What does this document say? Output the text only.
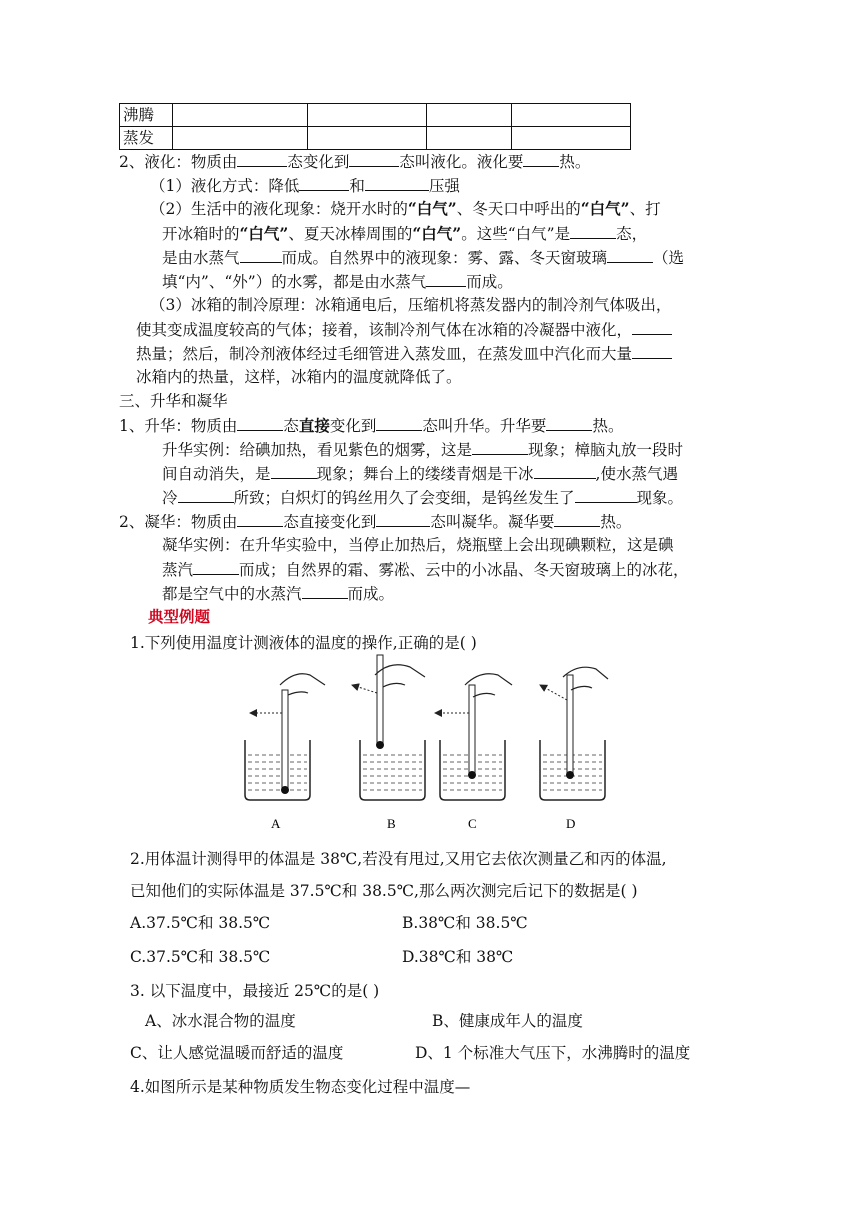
沸腾				
蒸发				
2、液化：物质由	态变化到	态叫液化。液化要 热。
（1）液化方式：降低	和	压强
（2）生活中的液化现象：烧开水时的“白气”、冬天口中呼出的“白气”、打
开冰箱时的“白气”、夏天冰棒周围的“白气”。这些“白气”是	态，
是由水蒸气	而成。自然界中的液现象：雾、露、冬天窗玻璃	（选
填“内”、“外”）的水雾，都是由水蒸气	而成。
（3）冰箱的制冷原理：冰箱通电后，压缩机将蒸发器内的制冷剂气体吸出，
使其变成温度较高的气体；接着，该制冷剂气体在冰箱的冷凝器中液化，
热量；然后，制冷剂液体经过毛细管进入蒸发皿，在蒸发皿中汽化而大量
冰箱内的热量，这样，冰箱内的温度就降低了。
三、升华和凝华
1、升华：物质由	态直接变化到	态叫升华。升华要	热。
升华实例：给碘加热，看见紫色的烟雾，这是	现象；樟脑丸放一段时
间自动消失，是	现象；舞台上的缕缕青烟是干冰	,使水蒸气遇
冷	所致；白炽灯的钨丝用久了会变细，是钨丝发生了	现象。
2、凝华：物质由	态直接变化到	态叫凝华。凝华要	热。
凝华实例：在升华实验中，当停止加热后，烧瓶壁上会出现碘颗粒，这是碘
蒸汽	而成；自然界的霜、雾凇、云中的小冰晶、冬天窗玻璃上的冰花，
都是空气中的水蒸汽	而成。
典型例题
1.下列使用温度计测液体的温度的操作,正确的是( )
A	B	C	D
2.用体温计测得甲的体温是 38℃,若没有甩过,又用它去依次测量乙和丙的体温,
已知他们的实际体温是 37.5℃和 38.5℃,那么两次测完后记下的数据是( )
A.37.5℃和 38.5℃	B.38℃和 38.5℃
C.37.5℃和 38.5℃	D.38℃和 38℃
3. 以下温度中，最接近 25℃的是( )
A、冰水混合物的温度	B、健康成年人的温度
C、让人感觉温暖而舒适的温度	D、1 个标准大气压下，水沸腾时的温度
4.如图所示是某种物质发生物态变化过程中温度—
